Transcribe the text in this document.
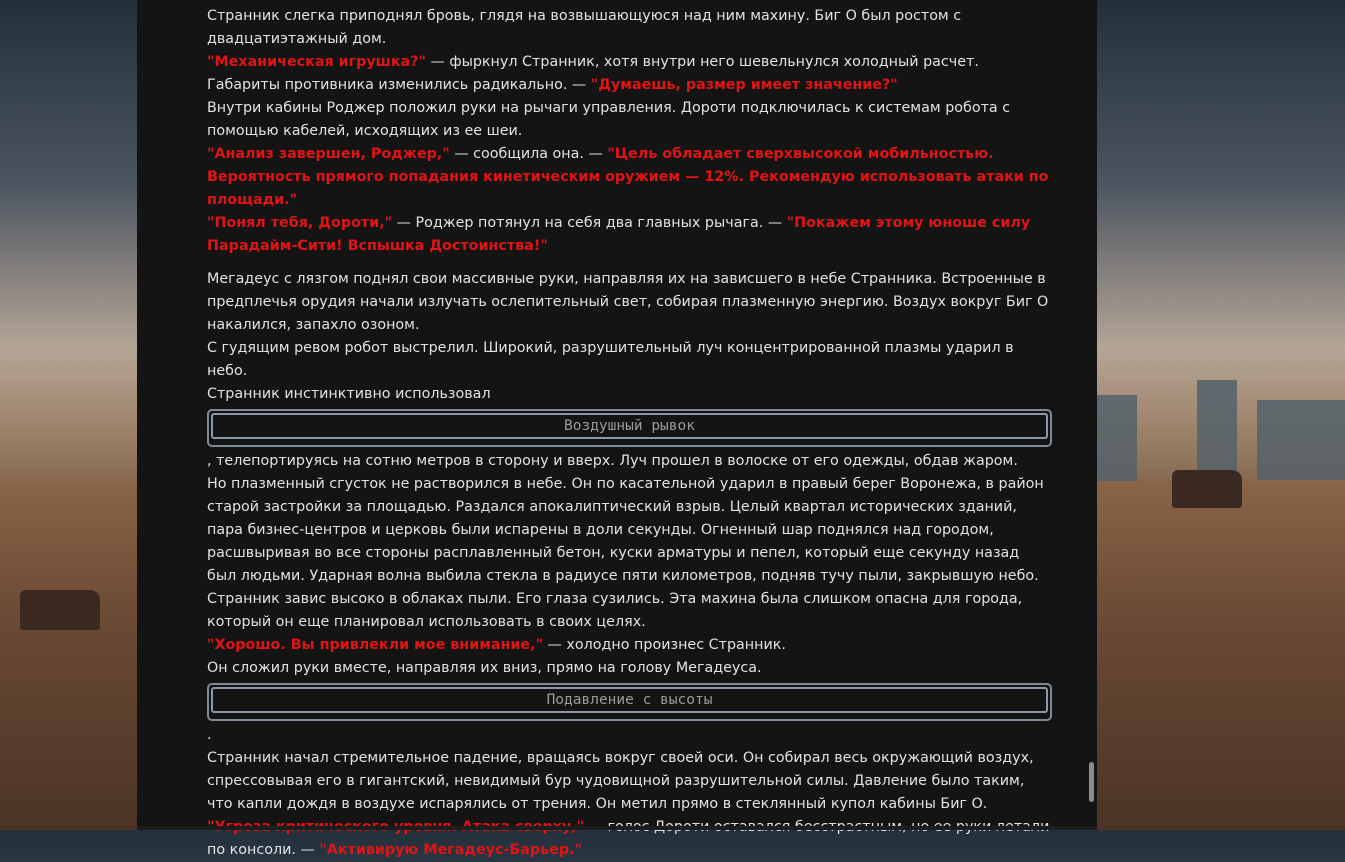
Странник слегка приподнял бровь, глядя на возвышающуюся над ним махину. Биг О был ростом с двадцатиэтажный дом.

"Механическая игрушка?" — фыркнул Странник, хотя внутри него шевельнулся холодный расчет. Габариты противника изменились радикально. — "Думаешь, размер имеет значение?"

Внутри кабины Роджер положил руки на рычаги управления. Дороти подключилась к системам робота с помощью кабелей, исходящих из ее шеи.

"Анализ завершен, Роджер," — сообщила она. — "Цель обладает сверхвысокой мобильностью. Вероятность прямого попадания кинетическим оружием — 12%. Рекомендую использовать атаки по площади."

"Понял тебя, Дороти," — Роджер потянул на себя два главных рычага. — "Покажем этому юноше силу Парадайм-Сити! Вспышка Достоинства!"

Мегадеус с лязгом поднял свои массивные руки, направляя их на зависшего в небе Странника. Встроенные в предплечья орудия начали излучать ослепительный свет, собирая плазменную энергию. Воздух вокруг Биг О накалился, запахло озоном.

С гудящим ревом робот выстрелил. Широкий, разрушительный луч концентрированной плазмы ударил в небо.

Странник инстинктивно использовал

Воздушный рывок

, телепортируясь на сотню метров в сторону и вверх. Луч прошел в волоске от его одежды, обдав жаром.

Но плазменный сгусток не растворился в небе. Он по касательной ударил в правый берег Воронежа, в район старой застройки за площадью. Раздался апокалиптический взрыв. Целый квартал исторических зданий, пара бизнес-центров и церковь были испарены в доли секунды. Огненный шар поднялся над городом, расшвыривая во все стороны расплавленный бетон, куски арматуры и пепел, который еще секунду назад был людьми. Ударная волна выбила стекла в радиусе пяти километров, подняв тучу пыли, закрывшую небо.

Странник завис высоко в облаках пыли. Его глаза сузились. Эта махина была слишком опасна для города, который он еще планировал использовать в своих целях.

"Хорошо. Вы привлекли мое внимание," — холодно произнес Странник.

Он сложил руки вместе, направляя их вниз, прямо на голову Мегадеуса.

Подавление с высоты

.

Странник начал стремительное падение, вращаясь вокруг своей оси. Он собирал весь окружающий воздух, спрессовывая его в гигантский, невидимый бур чудовищной разрушительной силы. Давление было таким, что капли дождя в воздухе испарялись от трения. Он метил прямо в стеклянный купол кабины Биг О.

по консоли. — "Активирую Мегадеус-Барьер."
